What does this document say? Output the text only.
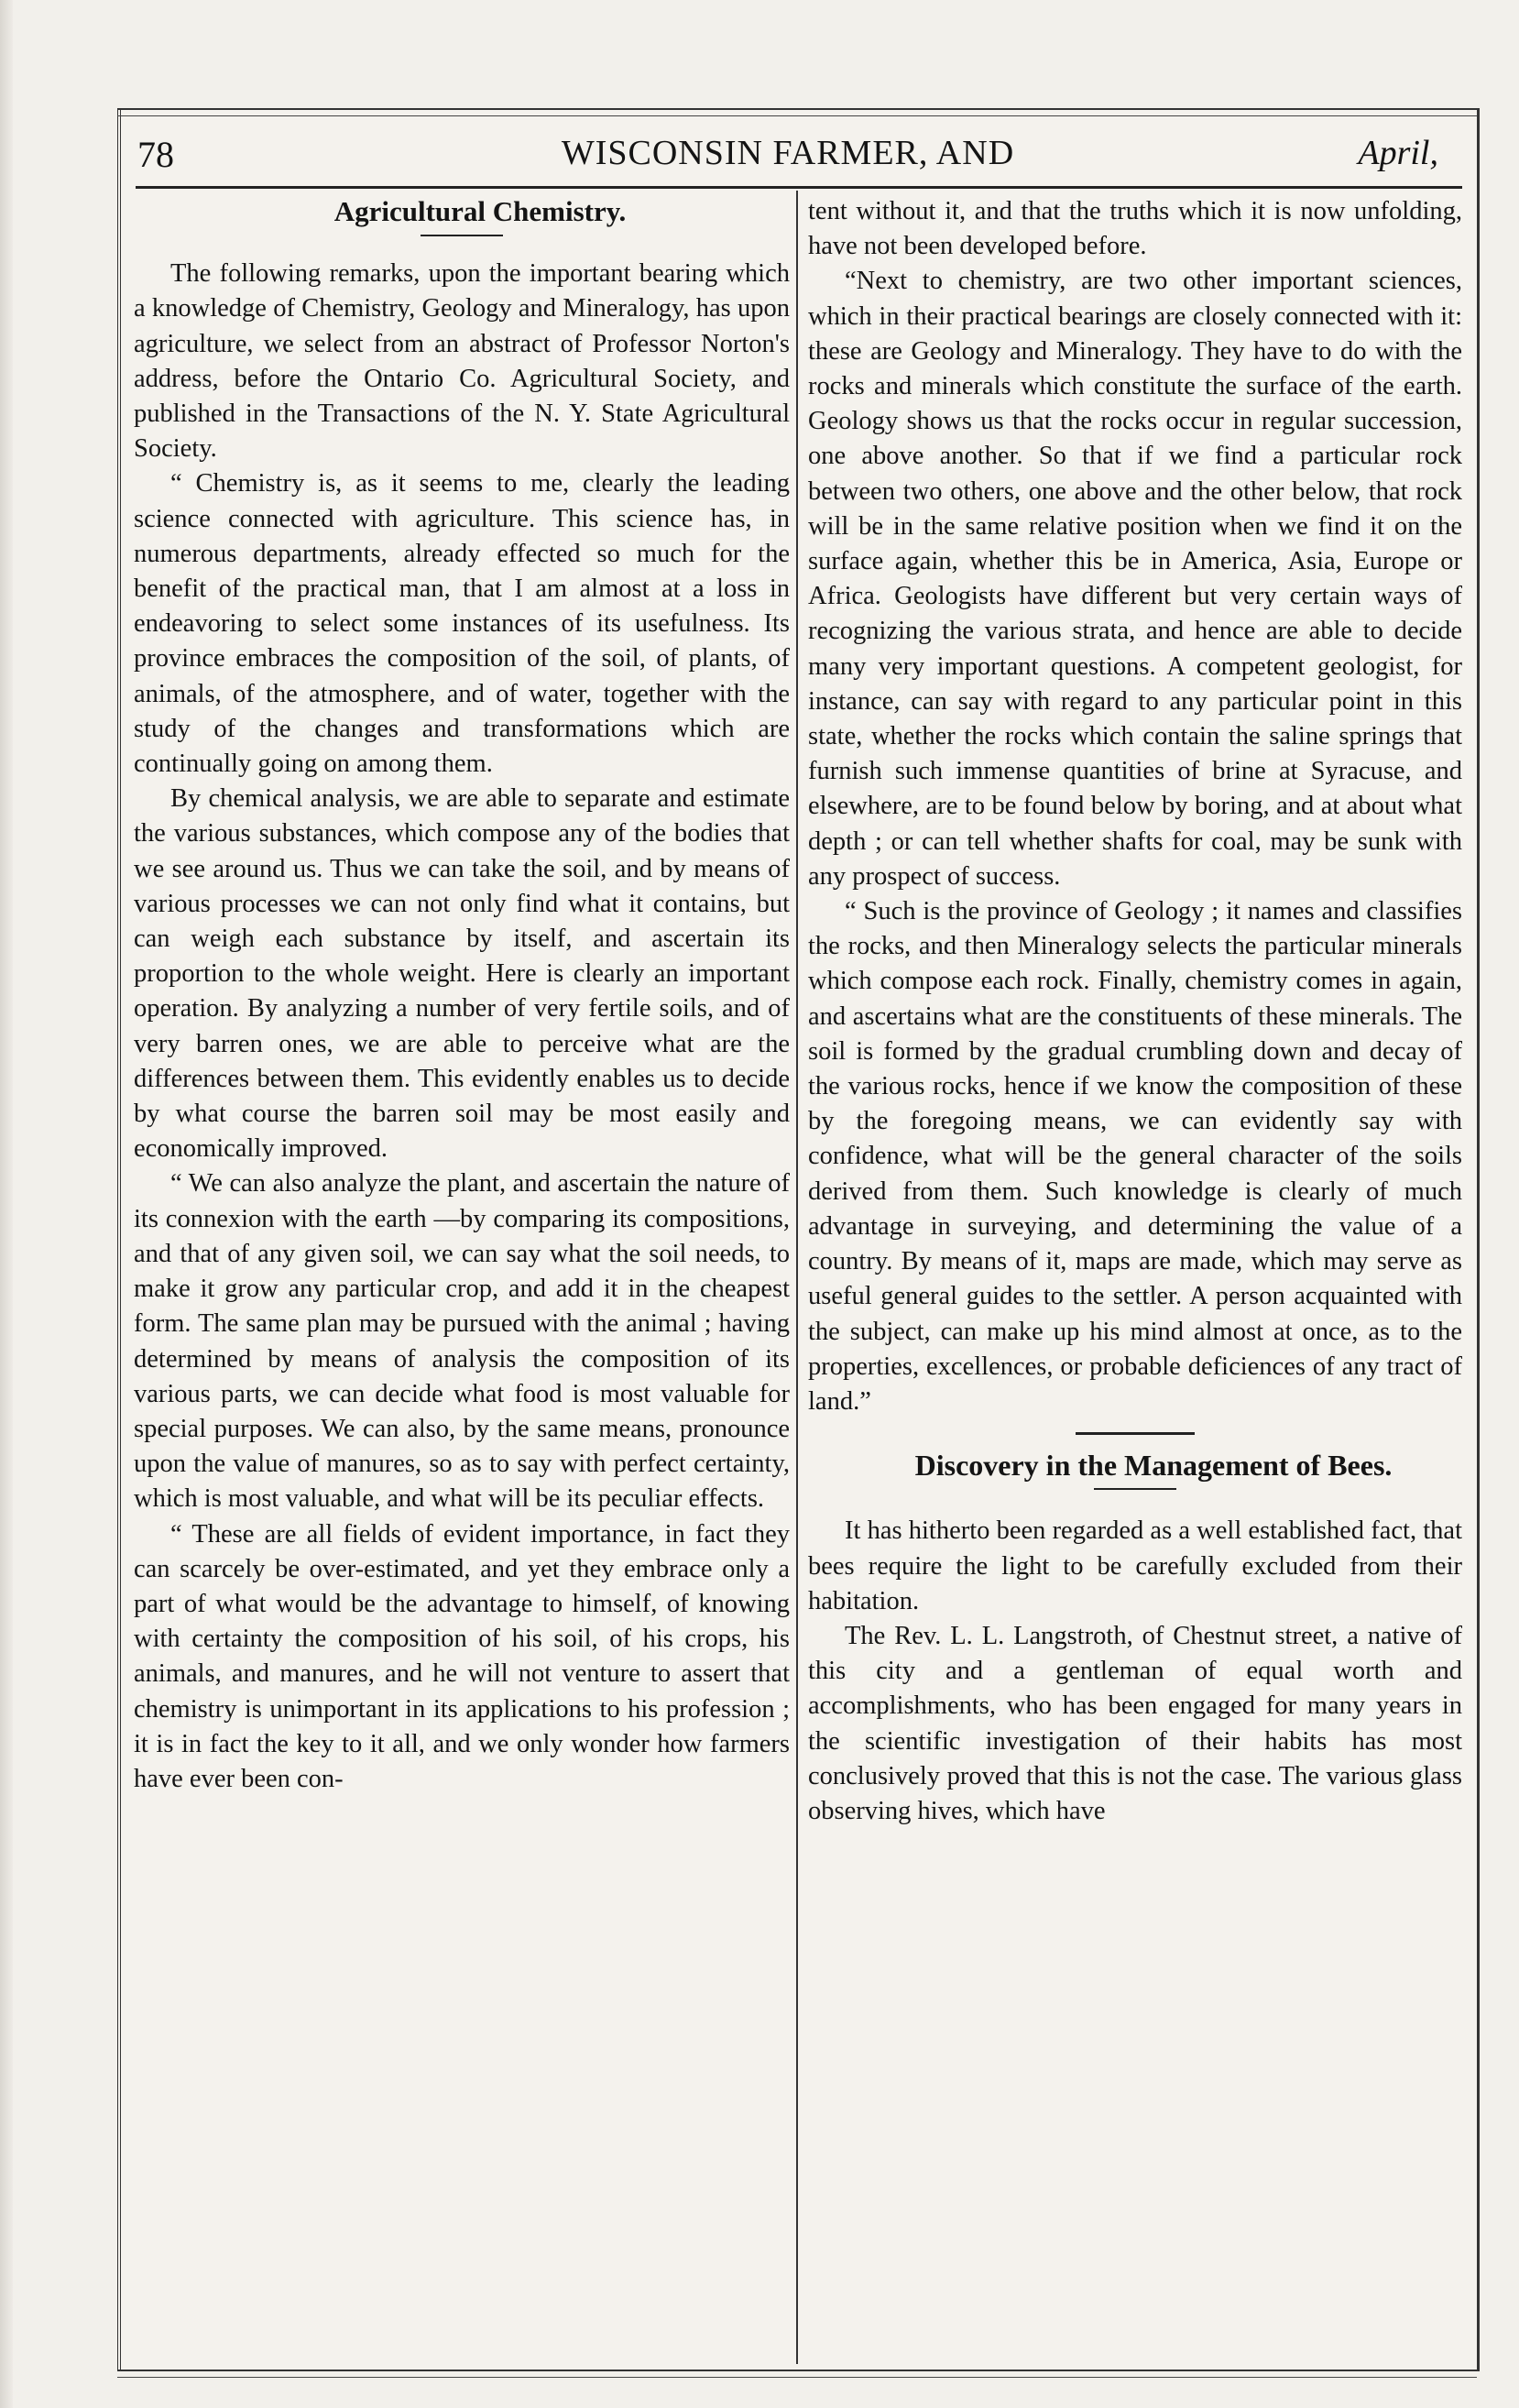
78	WISCONSIN FARMER, AND	April,

Agricultural Chemistry.

The following remarks, upon the important bearing which a knowledge of Chemistry, Geology and Mineralogy, has upon agriculture, we select from an abstract of Professor Norton's address, before the Ontario Co. Agricultural Society, and published in the Transactions of the N. Y. State Agricultural Society.

“ Chemistry is, as it seems to me, clearly the leading science connected with agriculture. This science has, in numerous departments, already effected so much for the benefit of the practical man, that I am almost at a loss in endeavoring to select some instances of its usefulness. Its province embraces the composition of the soil, of plants, of animals, of the atmosphere, and of water, together with the study of the changes and transformations which are continually going on among them.

By chemical analysis, we are able to separate and estimate the various substances, which compose any of the bodies that we see around us. Thus we can take the soil, and by means of various processes we can not only find what it contains, but can weigh each substance by itself, and ascertain its proportion to the whole weight. Here is clearly an important operation. By analyzing a number of very fertile soils, and of very barren ones, we are able to perceive what are the differences between them. This evidently enables us to decide by what course the barren soil may be most easily and economically improved.

“ We can also analyze the plant, and ascertain the nature of its connexion with the earth —by comparing its compositions, and that of any given soil, we can say what the soil needs, to make it grow any particular crop, and add it in the cheapest form. The same plan may be pursued with the animal ; having determined by means of analysis the composition of its various parts, we can decide what food is most valuable for special purposes. We can also, by the same means, pronounce upon the value of manures, so as to say with perfect certainty, which is most valuable, and what will be its peculiar effects.

“ These are all fields of evident importance, in fact they can scarcely be over-estimated, and yet they embrace only a part of what would be the advantage to himself, of knowing with certainty the composition of his soil, of his crops, his animals, and manures, and he will not venture to assert that chemistry is unimportant in its applications to his profession ; it is in fact the key to it all, and we only wonder how farmers have ever been con-

tent without it, and that the truths which it is now unfolding, have not been developed before.

“Next to chemistry, are two other important sciences, which in their practical bearings are closely connected with it: these are Geology and Mineralogy. They have to do with the rocks and minerals which constitute the surface of the earth. Geology shows us that the rocks occur in regular succession, one above another. So that if we find a particular rock between two others, one above and the other below, that rock will be in the same relative position when we find it on the surface again, whether this be in America, Asia, Europe or Africa. Geologists have different but very certain ways of recognizing the various strata, and hence are able to decide many very important questions. A competent geologist, for instance, can say with regard to any particular point in this state, whether the rocks which contain the saline springs that furnish such immense quantities of brine at Syracuse, and elsewhere, are to be found below by boring, and at about what depth ; or can tell whether shafts for coal, may be sunk with any prospect of success.

“ Such is the province of Geology ; it names and classifies the rocks, and then Mineralogy selects the particular minerals which compose each rock. Finally, chemistry comes in again, and ascertains what are the constituents of these minerals. The soil is formed by the gradual crumbling down and decay of the various rocks, hence if we know the composition of these by the foregoing means, we can evidently say with confidence, what will be the general character of the soils derived from them. Such knowledge is clearly of much advantage in surveying, and determining the value of a country. By means of it, maps are made, which may serve as useful general guides to the settler. A person acquainted with the subject, can make up his mind almost at once, as to the properties, excellences, or probable deficiences of any tract of land.”

Discovery in the Management of Bees.

It has hitherto been regarded as a well established fact, that bees require the light to be carefully excluded from their habitation.

The Rev. L. L. Langstroth, of Chestnut street, a native of this city and a gentleman of equal worth and accomplishments, who has been engaged for many years in the scientific investigation of their habits has most conclusively proved that this is not the case. The various glass observing hives, which have
